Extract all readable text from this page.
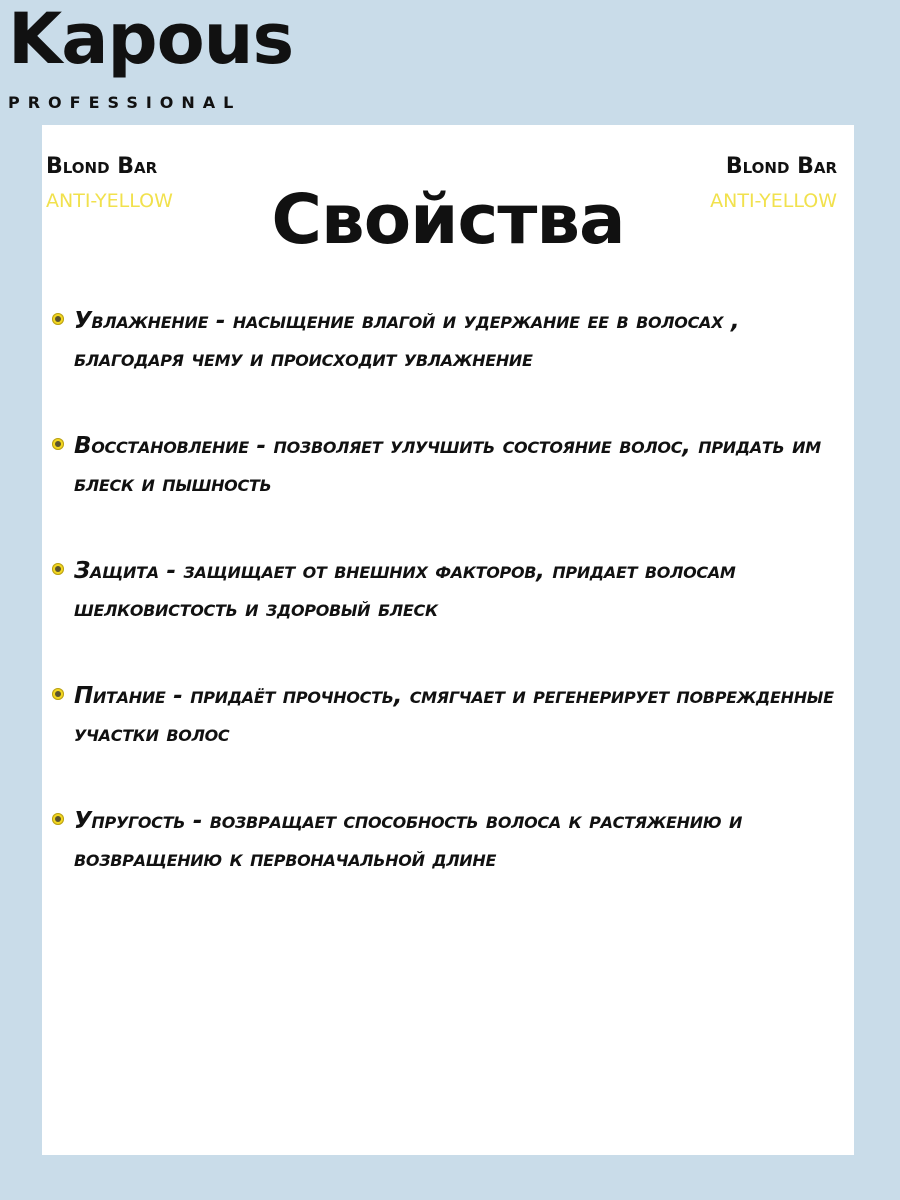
Kapous
PROFESSIONAL
Blond Bar
ANTI-YELLOW
Blond Bar
ANTI-YELLOW
Свойства
Увлажнение - насыщение влагой и удержание ее в волосах , благодаря чему и происходит увлажнение
Восстановление - позволяет улучшить состояние волос, придать им блеск и пышность
Защита - защищает от внешних факторов, придает волосам шелковистость и здоровый блеск
Питание - придаёт прочность, смягчает и регенерирует поврежденные участки волос
Упругость - возвращает способность волоса к растяжению и возвращению к первоначальной длине
